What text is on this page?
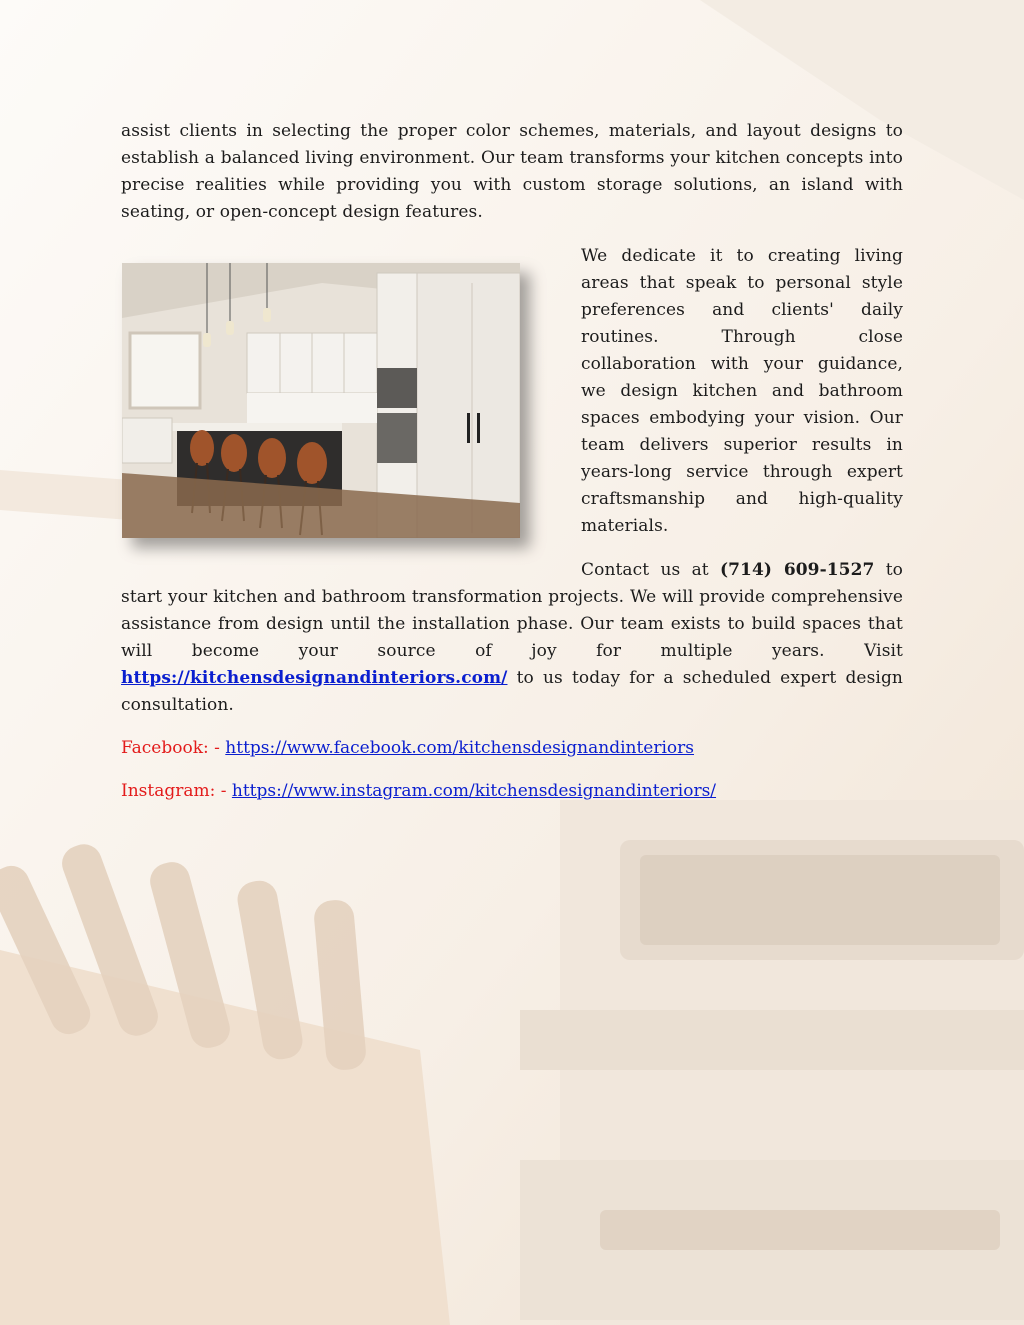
assist clients in selecting the proper color schemes, materials, and layout designs to establish a balanced living environment. Our team transforms your kitchen concepts into precise realities while providing you with custom storage solutions, an island with seating, or open-concept design features.

We dedicate it to creating living areas that speak to personal style preferences and clients' daily routines. Through close collaboration with your guidance, we design kitchen and bathroom spaces embodying your vision. Our team delivers superior results in years-long service through expert craftsmanship and high-quality materials.

Contact us at (714) 609-1527 to start your kitchen and bathroom transformation projects. We will provide comprehensive assistance from design until the installation phase. Our team exists to build spaces that will become your source of joy for multiple years. Visit https://kitchensdesignandinteriors.com/ to us today for a scheduled expert design consultation.

Facebook: - https://www.facebook.com/kitchensdesignandinteriors
Instagram: - https://www.instagram.com/kitchensdesignandinteriors/
